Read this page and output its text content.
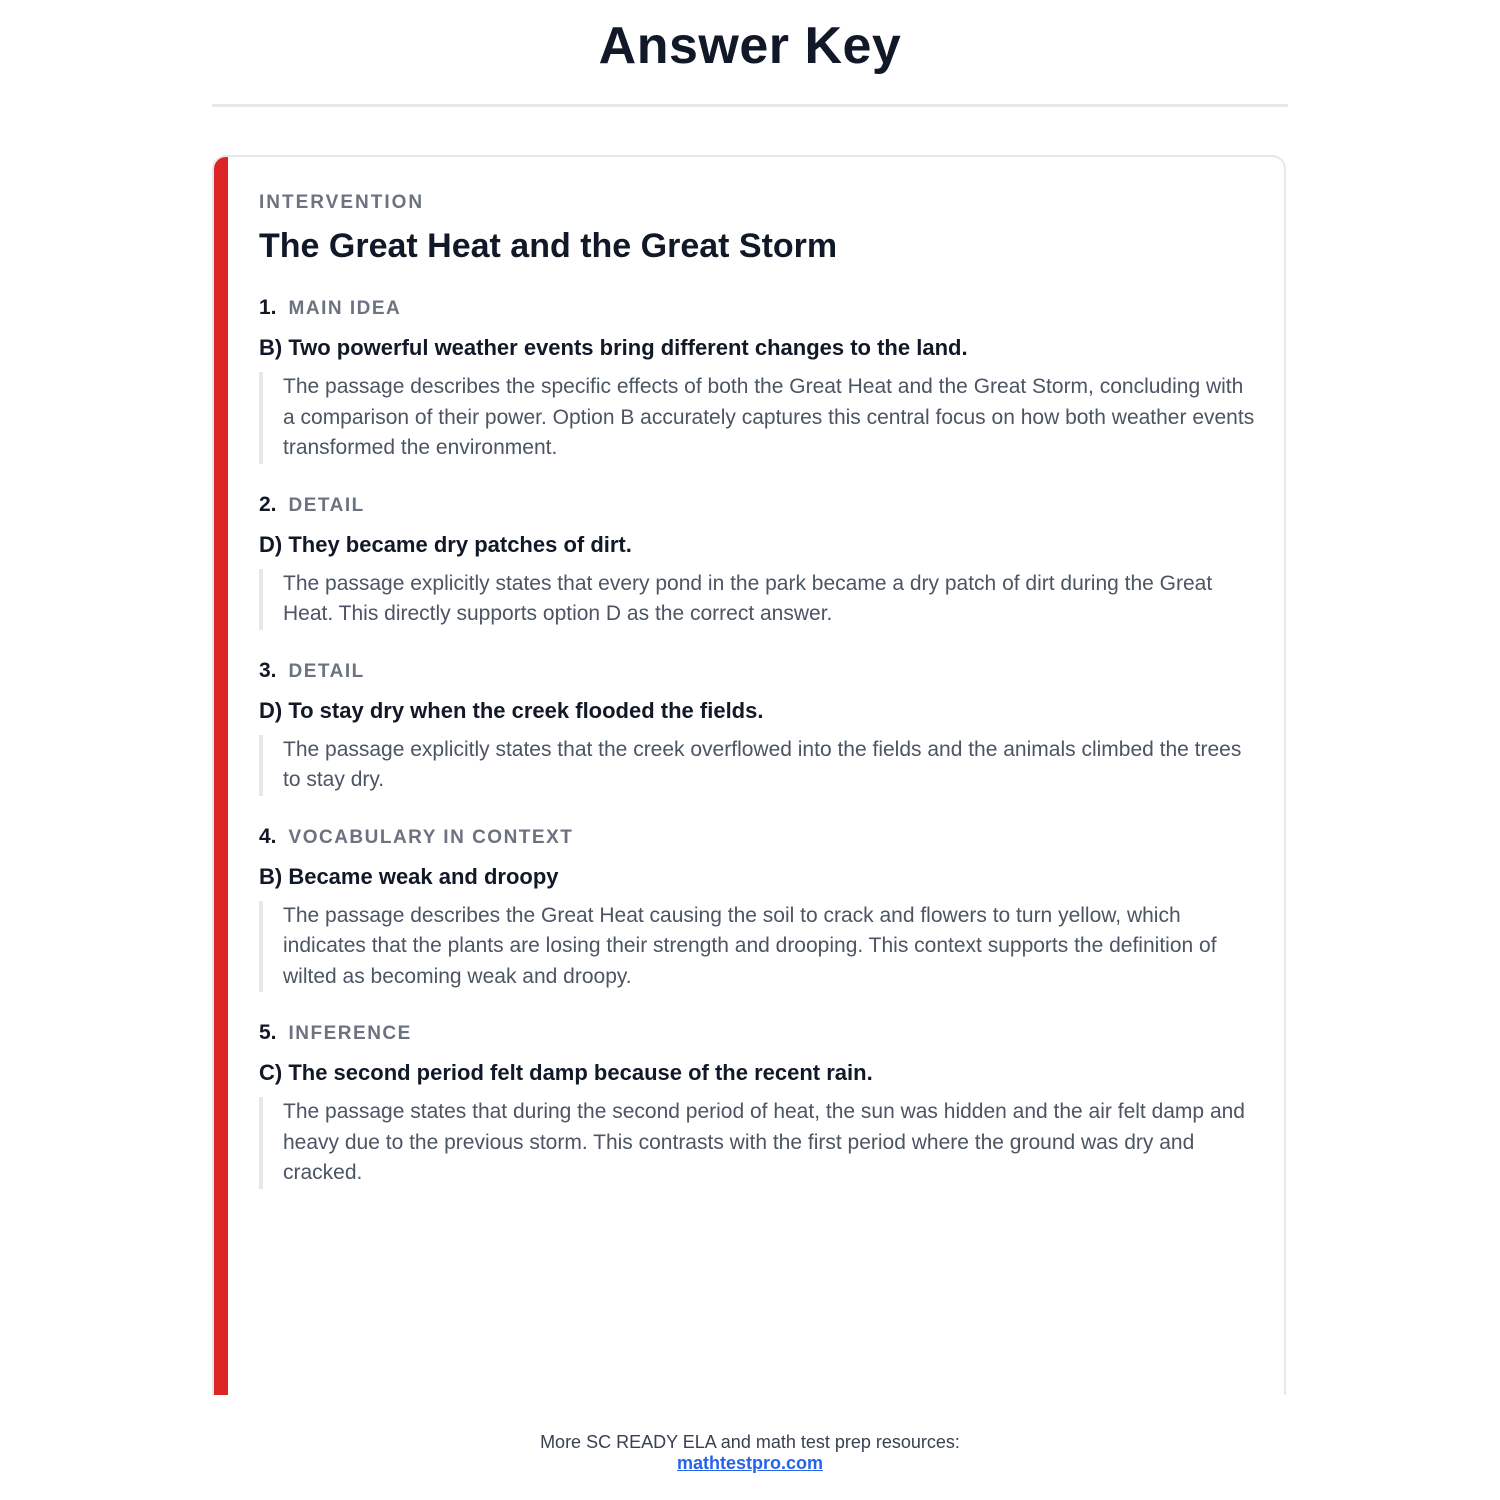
Answer Key
INTERVENTION
The Great Heat and the Great Storm
1. MAIN IDEA
B) Two powerful weather events bring different changes to the land.
The passage describes the specific effects of both the Great Heat and the Great Storm, concluding with a comparison of their power. Option B accurately captures this central focus on how both weather events transformed the environment.
2. DETAIL
D) They became dry patches of dirt.
The passage explicitly states that every pond in the park became a dry patch of dirt during the Great Heat. This directly supports option D as the correct answer.
3. DETAIL
D) To stay dry when the creek flooded the fields.
The passage explicitly states that the creek overflowed into the fields and the animals climbed the trees to stay dry.
4. VOCABULARY IN CONTEXT
B) Became weak and droopy
The passage describes the Great Heat causing the soil to crack and flowers to turn yellow, which indicates that the plants are losing their strength and drooping. This context supports the definition of wilted as becoming weak and droopy.
5. INFERENCE
C) The second period felt damp because of the recent rain.
The passage states that during the second period of heat, the sun was hidden and the air felt damp and heavy due to the previous storm. This contrasts with the first period where the ground was dry and cracked.
More SC READY ELA and math test prep resources:
mathtestpro.com
